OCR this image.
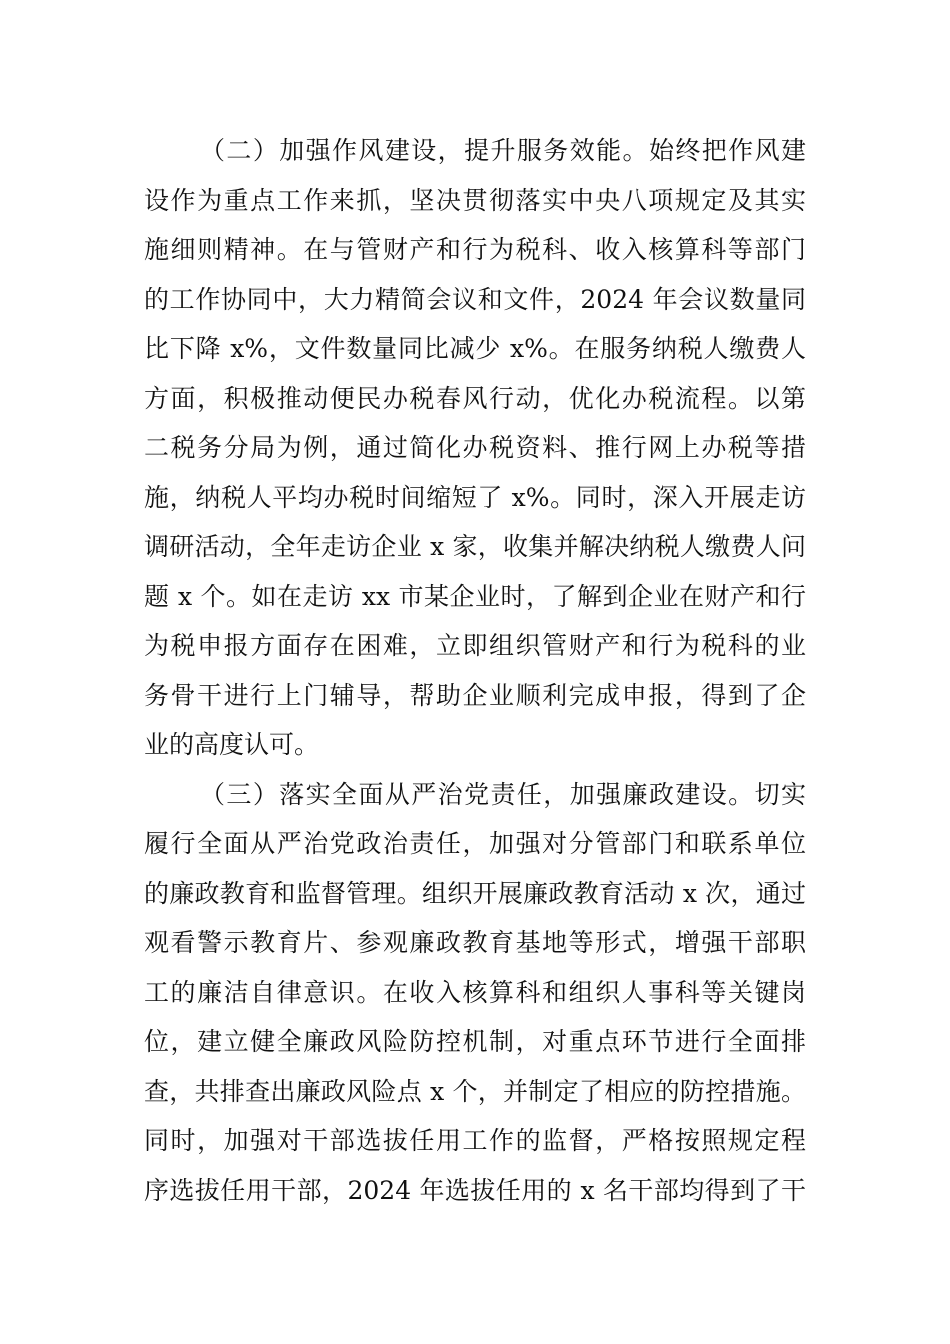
（二）加强作风建设，提升服务效能。始终把作风建
设作为重点工作来抓，坚决贯彻落实中央八项规定及其实
施细则精神。在与管财产和行为税科、收入核算科等部门
的工作协同中，大力精简会议和文件，2024 年会议数量同
比下降 x%，文件数量同比减少 x%。在服务纳税人缴费人
方面，积极推动便民办税春风行动，优化办税流程。以第
二税务分局为例，通过简化办税资料、推行网上办税等措
施，纳税人平均办税时间缩短了 x%。同时，深入开展走访
调研活动，全年走访企业 x 家，收集并解决纳税人缴费人问
题 x 个。如在走访 xx 市某企业时，了解到企业在财产和行
为税申报方面存在困难，立即组织管财产和行为税科的业
务骨干进行上门辅导，帮助企业顺利完成申报，得到了企
业的高度认可。
（三）落实全面从严治党责任，加强廉政建设。切实
履行全面从严治党政治责任，加强对分管部门和联系单位
的廉政教育和监督管理。组织开展廉政教育活动 x 次，通过
观看警示教育片、参观廉政教育基地等形式，增强干部职
工的廉洁自律意识。在收入核算科和组织人事科等关键岗
位，建立健全廉政风险防控机制，对重点环节进行全面排
查，共排查出廉政风险点 x 个，并制定了相应的防控措施。
同时，加强对干部选拔任用工作的监督，严格按照规定程
序选拔任用干部，2024 年选拔任用的 x 名干部均得到了干
